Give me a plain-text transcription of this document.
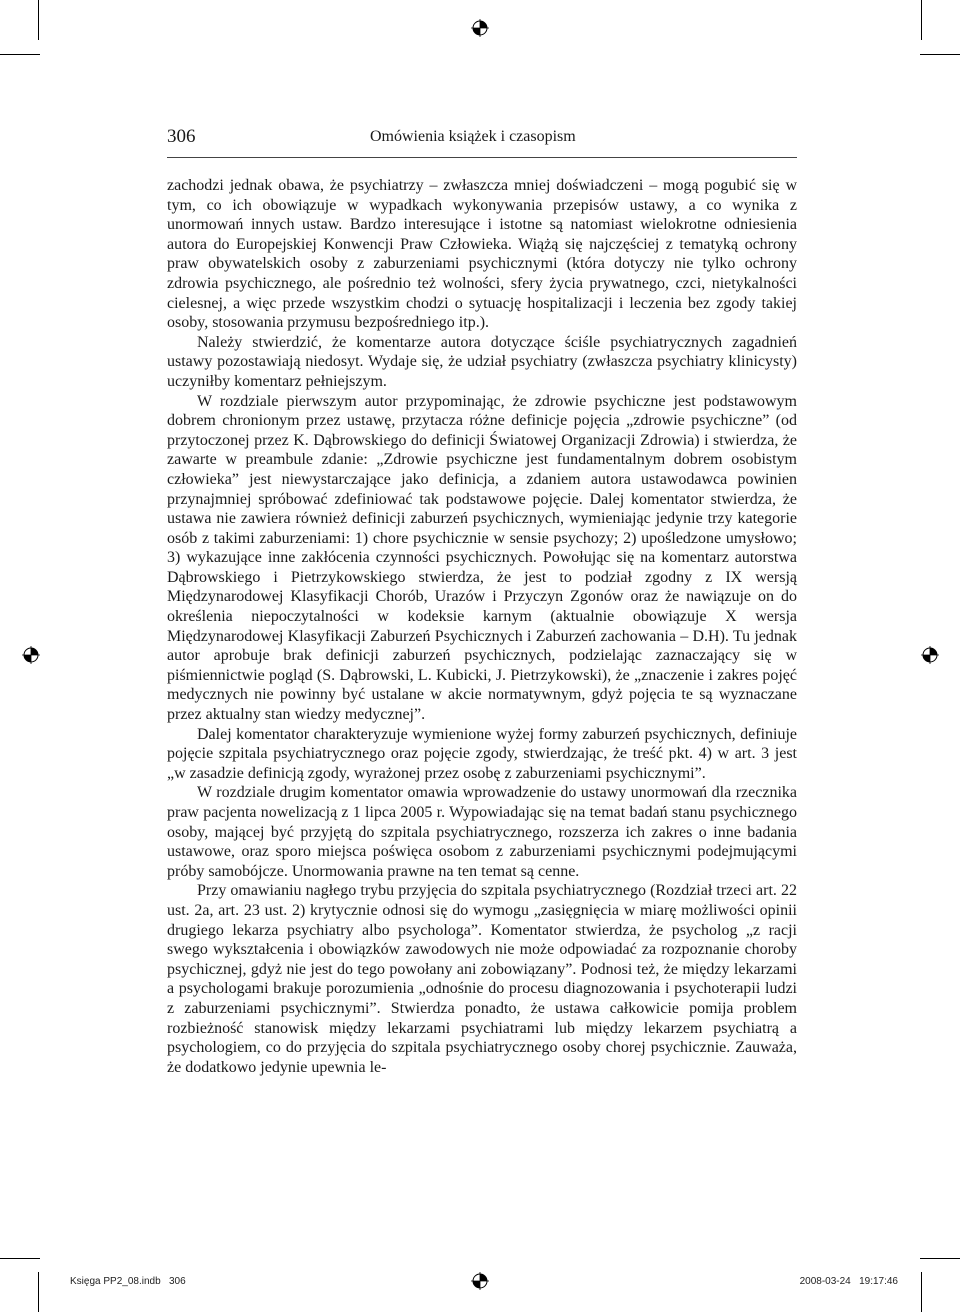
306	Omówienia książek i czasopism

zachodzi jednak obawa, że psychiatrzy – zwłaszcza mniej doświadczeni – mogą pogubić się w tym, co ich obowiązuje w wypadkach wykonywania przepisów ustawy, a co wynika z unormowań innych ustaw. Bardzo interesujące i istotne są natomiast wielokrotne odniesienia autora do Europejskiej Konwencji Praw Człowieka. Wiążą się najczęściej z tematyką ochrony praw obywatelskich osoby z zaburzeniami psychicznymi (która dotyczy nie tylko ochrony zdrowia psychicznego, ale pośrednio też wolności, sfery życia prywatnego, czci, nietykalności cielesnej, a więc przede wszystkim chodzi o sytuację hospitalizacji i leczenia bez zgody takiej osoby, stosowania przymusu bezpośredniego itp.).

Należy stwierdzić, że komentarze autora dotyczące ściśle psychiatrycznych zagadnień ustawy pozostawiają niedosyt. Wydaje się, że udział psychiatry (zwłaszcza psychiatry klinicysty) uczyniłby komentarz pełniejszym.

W rozdziale pierwszym autor przypominając, że zdrowie psychiczne jest podstawowym dobrem chronionym przez ustawę, przytacza różne definicje pojęcia „zdrowie psychiczne” (od przytoczonej przez K. Dąbrowskiego do definicji Światowej Organizacji Zdrowia) i stwierdza, że zawarte w preambule zdanie: „Zdrowie psychiczne jest fundamentalnym dobrem osobistym człowieka” jest niewystarczające jako definicja, a zdaniem autora ustawodawca powinien przynajmniej spróbować zdefiniować tak podstawowe pojęcie. Dalej komentator stwierdza, że ustawa nie zawiera również definicji zaburzeń psychicznych, wymieniając jedynie trzy kategorie osób z takimi zaburzeniami: 1) chore psychicznie w sensie psychozy; 2) upośledzone umysłowo; 3) wykazujące inne zakłócenia czynności psychicznych. Powołując się na komentarz autorstwa Dąbrowskiego i Pietrzykowskiego stwierdza, że jest to podział zgodny z IX wersją Międzynarodowej Klasyfikacji Chorób, Urazów i Przyczyn Zgonów oraz że nawiązuje on do określenia niepoczytalności w kodeksie karnym (aktualnie obowiązuje X wersja Międzynarodowej Klasyfikacji Zaburzeń Psychicznych i Zaburzeń zachowania – D.H). Tu jednak autor aprobuje brak definicji zaburzeń psychicznych, podzielając zaznaczający się w piśmiennictwie pogląd (S. Dąbrowski, L. Kubicki, J. Pietrzykowski), że „znaczenie i zakres pojęć medycznych nie powinny być ustalane w akcie normatywnym, gdyż pojęcia te są wyznaczane przez aktualny stan wiedzy medycznej”.

Dalej komentator charakteryzuje wymienione wyżej formy zaburzeń psychicznych, definiuje pojęcie szpitala psychiatrycznego oraz pojęcie zgody, stwierdzając, że treść pkt. 4) w art. 3 jest „w zasadzie definicją zgody, wyrażonej przez osobę z zaburzeniami psychicznymi”.

W rozdziale drugim komentator omawia wprowadzenie do ustawy unormowań dla rzecznika praw pacjenta nowelizacją z 1 lipca 2005 r. Wypowiadając się na temat badań stanu psychicznego osoby, mającej być przyjętą do szpitala psychiatrycznego, rozszerza ich zakres o inne badania ustawowe, oraz sporo miejsca poświęca osobom z zaburzeniami psychicznymi podejmującymi próby samobójcze. Unormowania prawne na ten temat są cenne.

Przy omawianiu nagłego trybu przyjęcia do szpitala psychiatrycznego (Rozdział trzeci art. 22 ust. 2a, art. 23 ust. 2) krytycznie odnosi się do wymogu „zasięgnięcia w miarę możliwości opinii drugiego lekarza psychiatry albo psychologa”. Komentator stwierdza, że psycholog „z racji swego wykształcenia i obowiązków zawodowych nie może odpowiadać za rozpoznanie choroby psychicznej, gdyż nie jest do tego powołany ani zobowiązany”. Podnosi też, że między lekarzami a psychologami brakuje porozumienia „odnośnie do procesu diagnozowania i psychoterapii ludzi z zaburzeniami psychicznymi”. Stwierdza ponadto, że ustawa całkowicie pomija problem rozbieżność stanowisk między lekarzami psychiatrami lub między lekarzem psychiatrą a psychologiem, co do przyjęcia do szpitala psychiatrycznego osoby chorej psychicznie. Zauważa, że dodatkowo jedynie upewnia le-

Księga PP2_08.indb   306	2008-03-24   19:17:46
